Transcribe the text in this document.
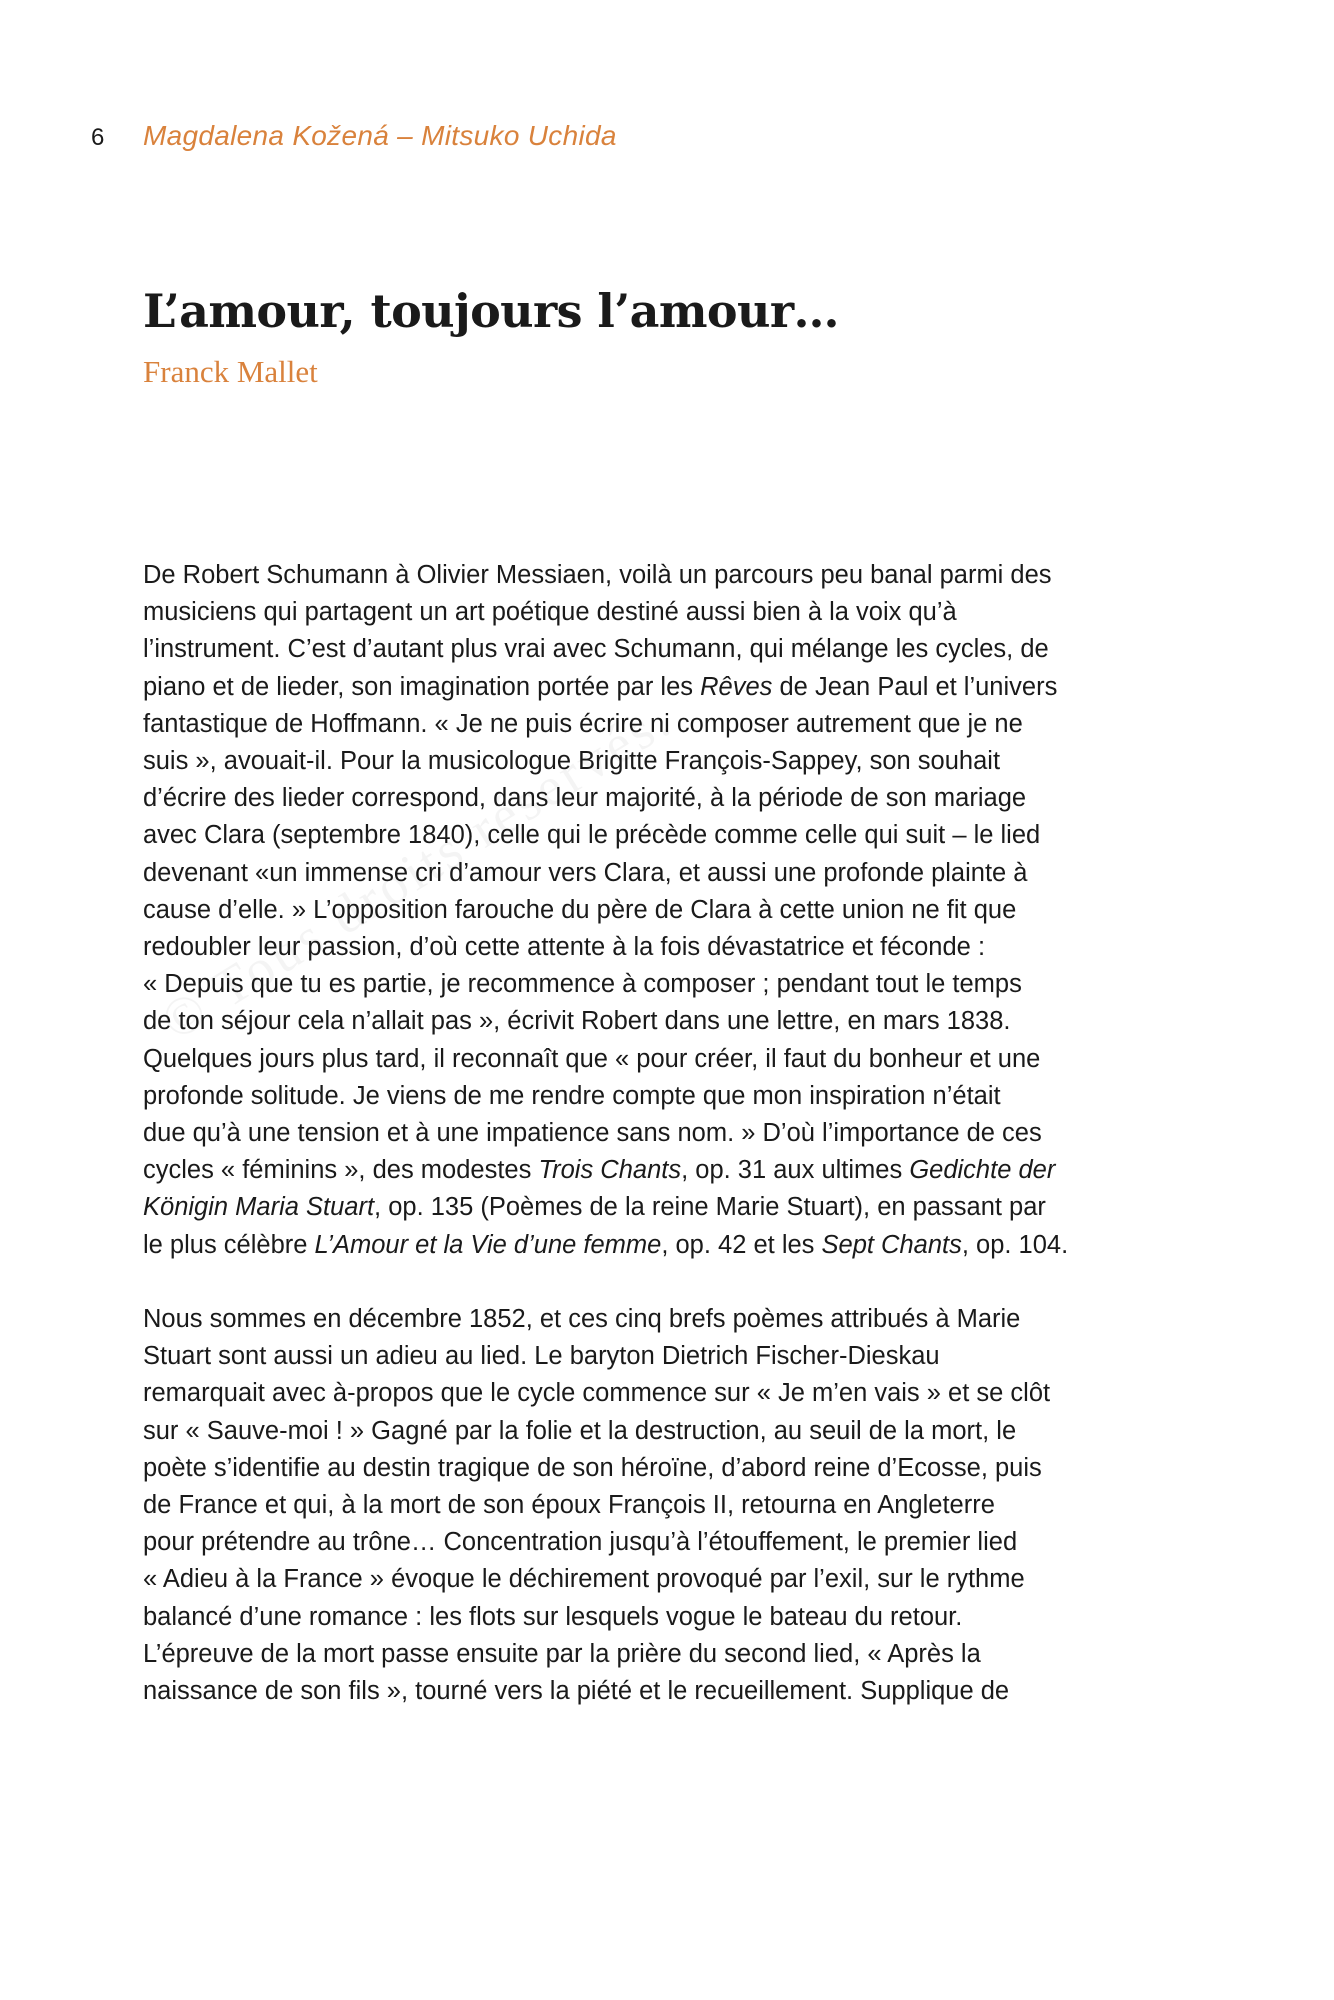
6	Magdalena Kožená – Mitsuko Uchida
L’amour, toujours l’amour…
Franck Mallet

De Robert Schumann à Olivier Messiaen, voilà un parcours peu banal parmi des
musiciens qui partagent un art poétique destiné aussi bien à la voix qu’à
l’instrument. C’est d’autant plus vrai avec Schumann, qui mélange les cycles, de
piano et de lieder, son imagination portée par les Rêves de Jean Paul et l’univers
fantastique de Hoffmann. « Je ne puis écrire ni composer autrement que je ne
suis », avouait-il. Pour la musicologue Brigitte François-Sappey, son souhait
d’écrire des lieder correspond, dans leur majorité, à la période de son mariage
avec Clara (septembre 1840), celle qui le précède comme celle qui suit – le lied
devenant «un immense cri d’amour vers Clara, et aussi une profonde plainte à
cause d’elle. » L’opposition farouche du père de Clara à cette union ne fit que
redoubler leur passion, d’où cette attente à la fois dévastatrice et féconde :
« Depuis que tu es partie, je recommence à composer ; pendant tout le temps
de ton séjour cela n’allait pas », écrivit Robert dans une lettre, en mars 1838.
Quelques jours plus tard, il reconnaît que « pour créer, il faut du bonheur et une
profonde solitude. Je viens de me rendre compte que mon inspiration n’était
due qu’à une tension et à une impatience sans nom. » D’où l’importance de ces
cycles « féminins », des modestes Trois Chants, op. 31 aux ultimes Gedichte der
Königin Maria Stuart, op. 135 (Poèmes de la reine Marie Stuart), en passant par
le plus célèbre L’Amour et la Vie d’une femme, op. 42 et les Sept Chants, op. 104.

Nous sommes en décembre 1852, et ces cinq brefs poèmes attribués à Marie
Stuart sont aussi un adieu au lied. Le baryton Dietrich Fischer-Dieskau
remarquait avec à-propos que le cycle commence sur « Je m’en vais » et se clôt
sur « Sauve-moi ! » Gagné par la folie et la destruction, au seuil de la mort, le
poète s’identifie au destin tragique de son héroïne, d’abord reine d’Ecosse, puis
de France et qui, à la mort de son époux François II, retourna en Angleterre
pour prétendre au trône… Concentration jusqu’à l’étouffement, le premier lied
« Adieu à la France » évoque le déchirement provoqué par l’exil, sur le rythme
balancé d’une romance : les flots sur lesquels vogue le bateau du retour.
L’épreuve de la mort passe ensuite par la prière du second lied, « Après la
naissance de son fils », tourné vers la piété et le recueillement. Supplique de
